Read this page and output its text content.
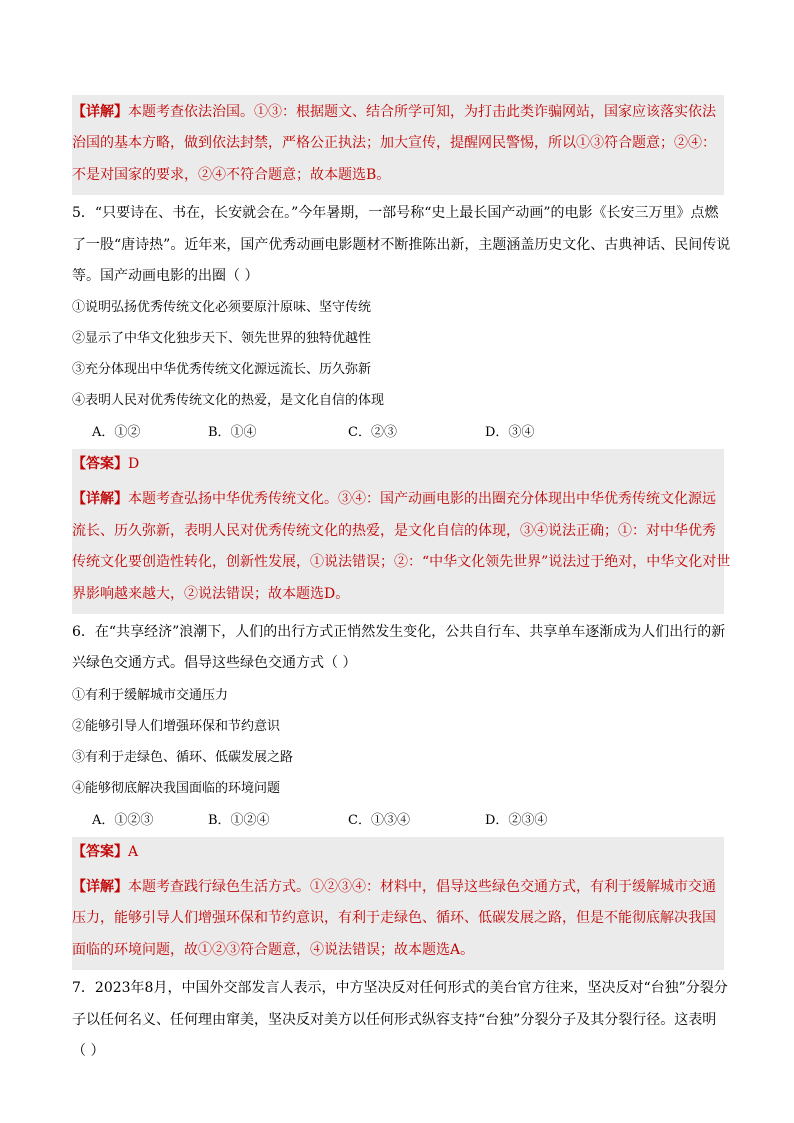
【详解】本题考查依法治国。①③：根据题文、结合所学可知，为打击此类诈骗网站，国家应该落实依法
治国的基本方略，做到依法封禁，严格公正执法；加大宣传，提醒网民警惕，所以①③符合题意；②④：
不是对国家的要求，②④不符合题意；故本题选B。
5．“只要诗在、书在，长安就会在。”今年暑期，一部号称“史上最长国产动画”的电影《长安三万里》点燃
了一股“唐诗热”。近年来，国产优秀动画电影题材不断推陈出新，主题涵盖历史文化、古典神话、民间传说
等。国产动画电影的出圈（ ）
①说明弘扬优秀传统文化必须要原汁原味、坚守传统
②显示了中华文化独步天下、领先世界的独特优越性
③充分体现出中华优秀传统文化源远流长、历久弥新
④表明人民对优秀传统文化的热爱，是文化自信的体现
A．①②	B．①④	C．②③	D．③④
【答案】D
【详解】本题考查弘扬中华优秀传统文化。③④：国产动画电影的出圈充分体现出中华优秀传统文化源远
流长、历久弥新，表明人民对优秀传统文化的热爱，是文化自信的体现，③④说法正确；①：对中华优秀
传统文化要创造性转化，创新性发展，①说法错误；②：“中华文化领先世界”说法过于绝对，中华文化对世
界影响越来越大，②说法错误；故本题选D。
6．在“共享经济”浪潮下，人们的出行方式正悄然发生变化，公共自行车、共享单车逐渐成为人们出行的新
兴绿色交通方式。倡导这些绿色交通方式（ ）
①有利于缓解城市交通压力
②能够引导人们增强环保和节约意识
③有利于走绿色、循环、低碳发展之路
④能够彻底解决我国面临的环境问题
A．①②③	B．①②④	C．①③④	D．②③④
【答案】A
【详解】本题考查践行绿色生活方式。①②③④：材料中，倡导这些绿色交通方式，有利于缓解城市交通
压力，能够引导人们增强环保和节约意识，有利于走绿色、循环、低碳发展之路，但是不能彻底解决我国
面临的环境问题，故①②③符合题意，④说法错误；故本题选A。
7．2023年8月，中国外交部发言人表示，中方坚决反对任何形式的美台官方往来，坚决反对“台独”分裂分
子以任何名义、任何理由窜美，坚决反对美方以任何形式纵容支持“台独”分裂分子及其分裂行径。这表明
（ ）
